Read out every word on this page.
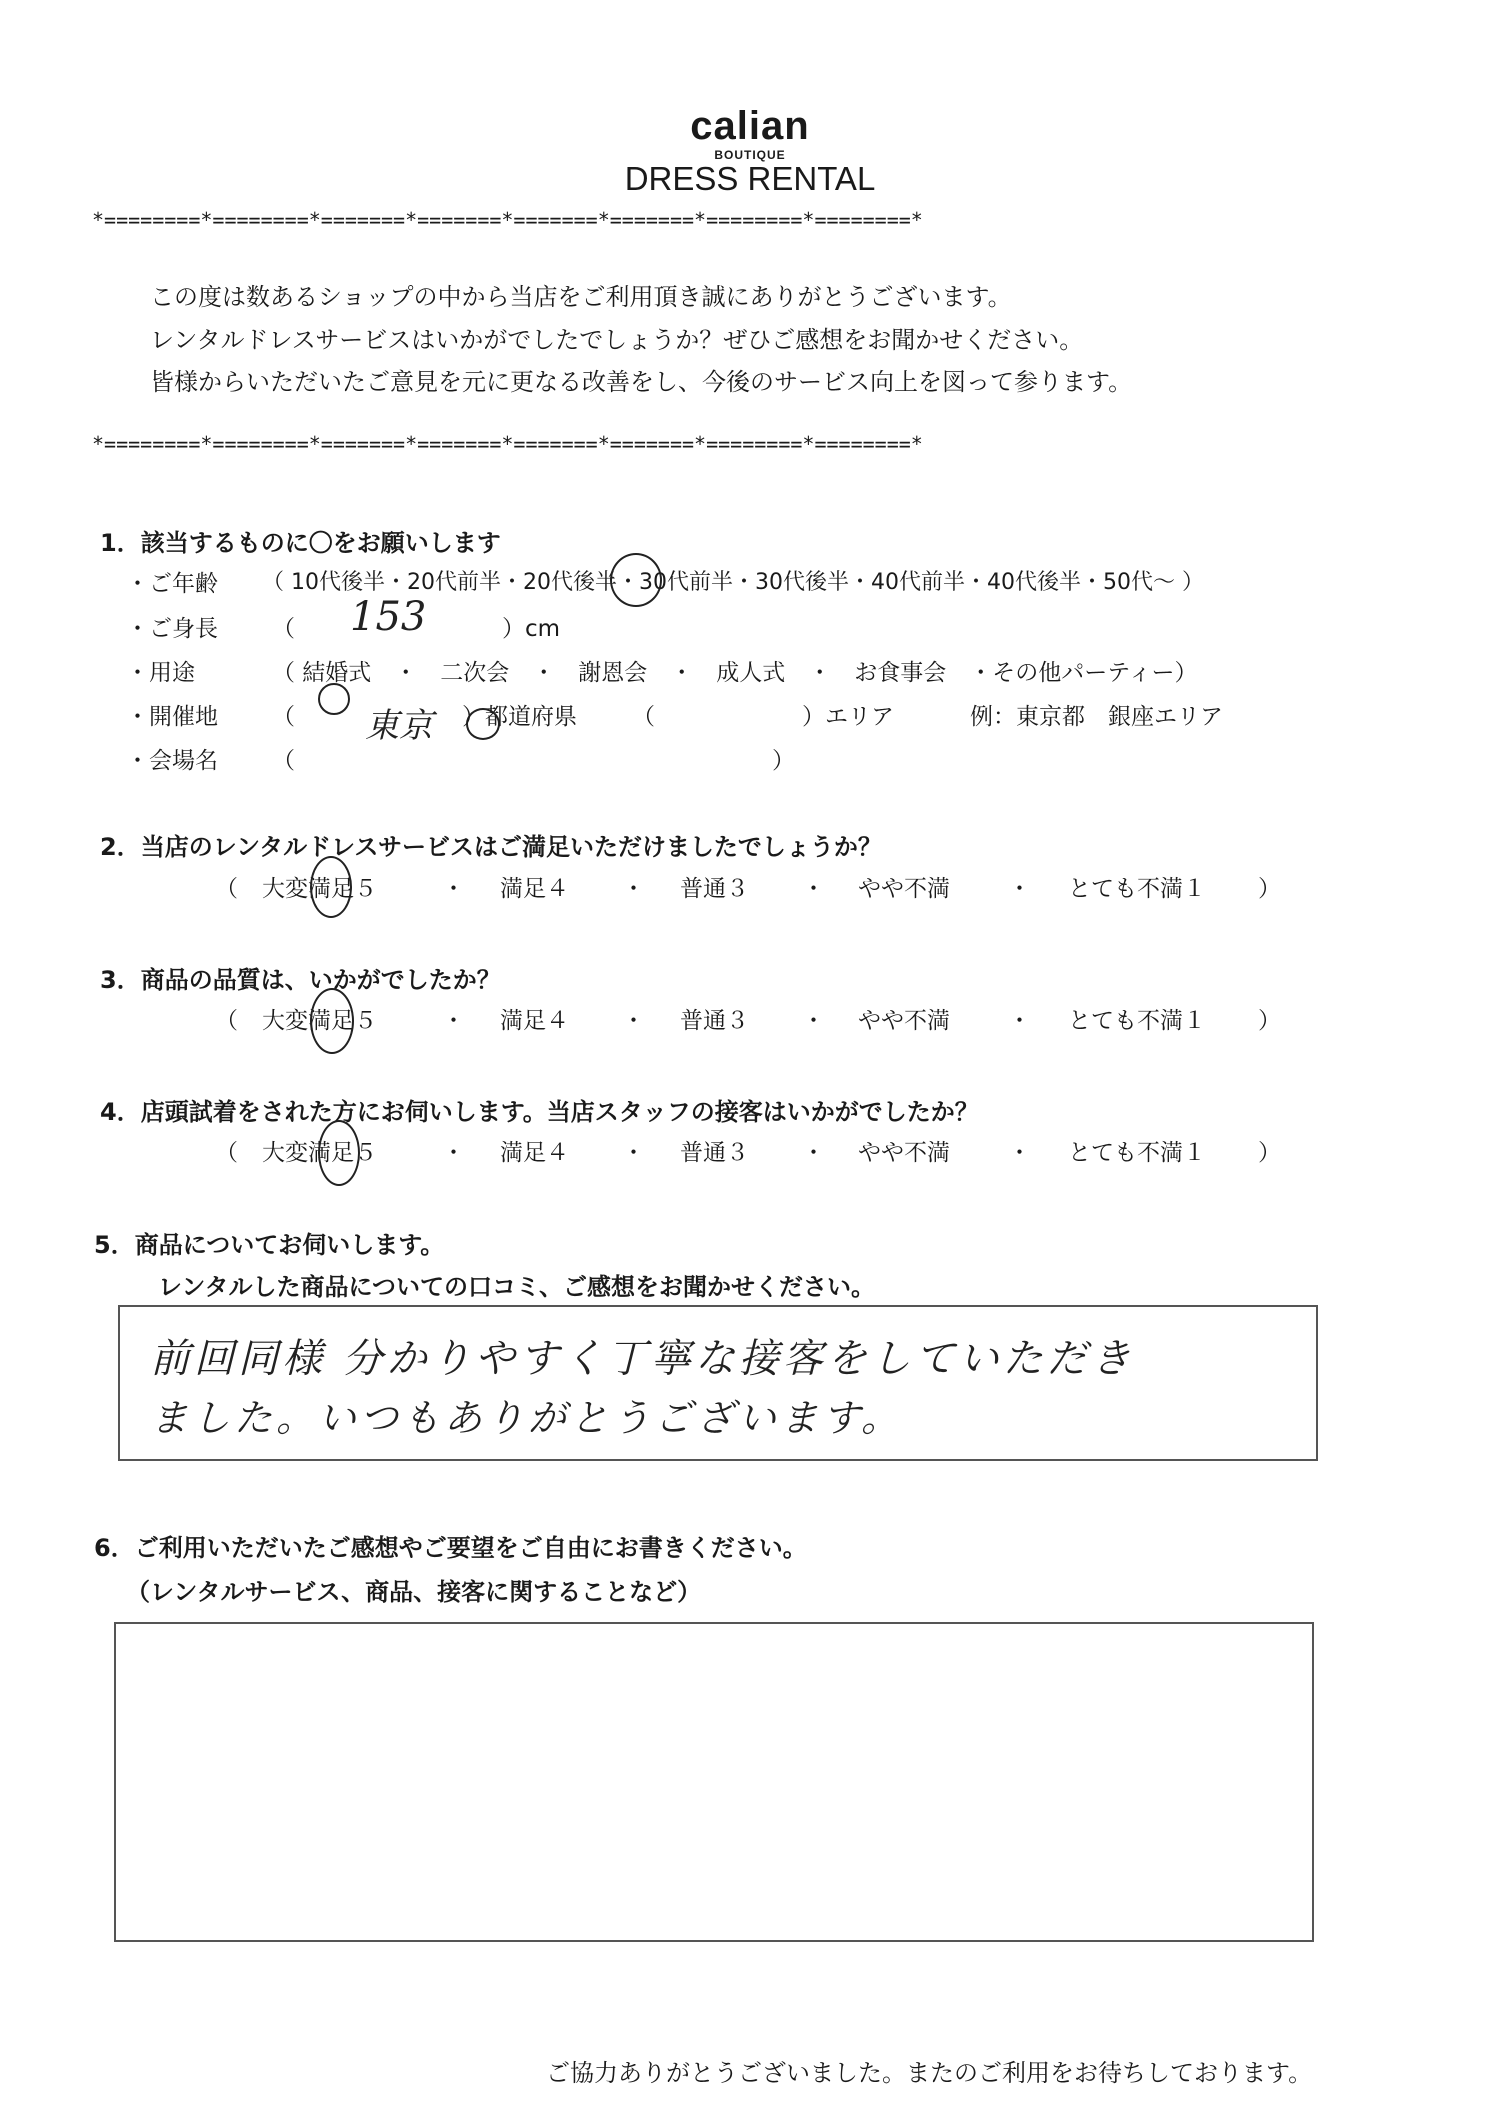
calian
BOUTIQUE
DRESS RENTAL
*========*========*=======*=======*=======*=======*========*========*
この度は数あるショップの中から当店をご利用頂き誠にありがとうございます。
レンタルドレスサービスはいかがでしたでしょうか？ぜひご感想をお聞かせください。
皆様からいただいたご意見を元に更なる改善をし、今後のサービス向上を図って参ります。
*========*========*=======*=======*=======*=======*========*========*
1．該当するものに〇をお願いします
・ご年齢 （ 10代後半・20代前半・20代後半・30代前半・30代後半・40代前半・40代後半・50代～ ）
・ご身長 （ 153	）cm
・用途	（ 結婚式　・　二次会　・　謝恩会　・　成人式　・　お食事会　・その他パーティー）
・開催地 （ 東京 ）都道府県 （	）エリア	例：東京都　銀座エリア
・会場名 （	）
2．当店のレンタルドレスサービスはご満足いただけましたでしょうか？
（ 大変満足５	・ 満足４ ・ 普通３ ・ やや不満	・ とても不満１ ）
3．商品の品質は、いかがでしたか？
（ 大変満足５	・ 満足４ ・ 普通３ ・ やや不満	・ とても不満１ ）
4．店頭試着をされた方にお伺いします。当店スタッフの接客はいかがでしたか？
（ 大変満足５	・ 満足４ ・ 普通３ ・ やや不満	・ とても不満１ ）
5．商品についてお伺いします。
レンタルした商品についての口コミ、ご感想をお聞かせください。
前回同様 分かりやすく丁寧な接客をしていただき
ました。いつもありがとうございます。
6．ご利用いただいたご感想やご要望をご自由にお書きください。
（レンタルサービス、商品、接客に関することなど）
ご協力ありがとうございました。またのご利用をお待ちしております。
